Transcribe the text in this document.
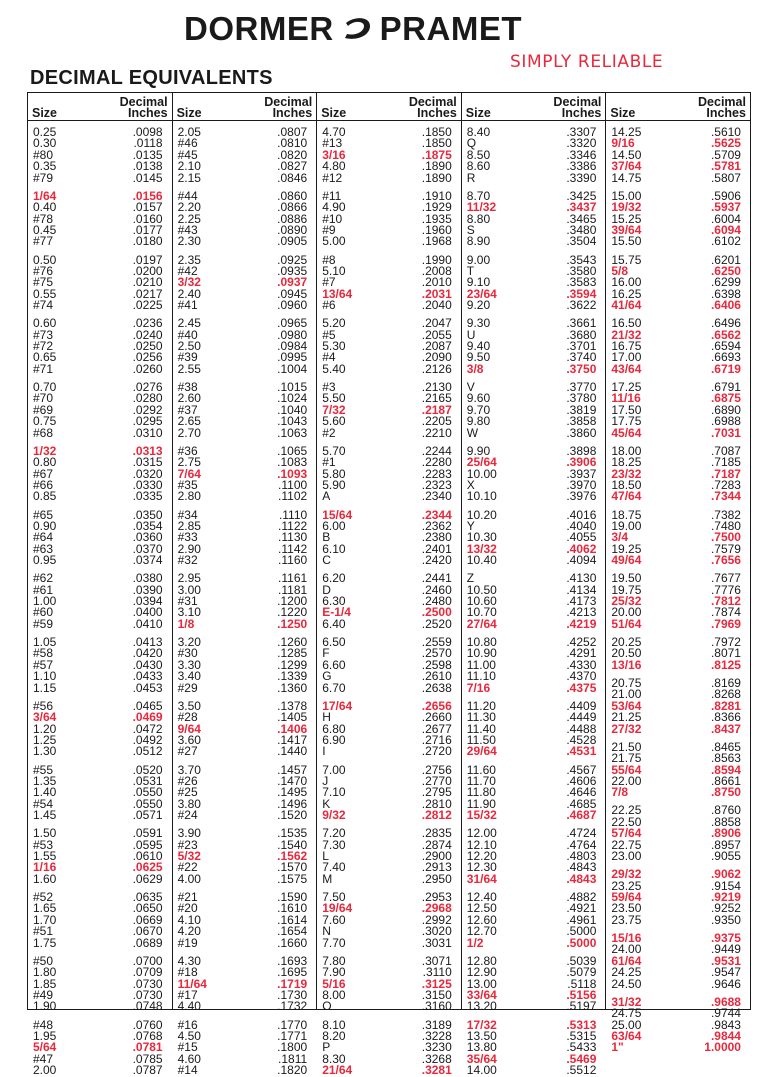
DORMER PRAMET
SIMPLY RELIABLE
DECIMAL EQUIVALENTS
Size
Decimal
Inches
0.25	.0098
0.30	.0118
#80	.0135
0.35	.0138
#79	.0145
1/64	.0156
0.40	.0157
#78	.0160
0.45	.0177
#77	.0180
0.50	.0197
#76	.0200
#75	.0210
0.55	.0217
#74	.0225
0.60	.0236
#73	.0240
#72	.0250
0.65	.0256
#71	.0260
0.70	.0276
#70	.0280
#69	.0292
0.75	.0295
#68	.0310
1/32	.0313
0.80	.0315
#67	.0320
#66	.0330
0.85	.0335
#65	.0350
0.90	.0354
#64	.0360
#63	.0370
0.95	.0374
#62	.0380
#61	.0390
1.00	.0394
#60	.0400
#59	.0410
1.05	.0413
#58	.0420
#57	.0430
1.10	.0433
1.15	.0453
#56	.0465
3/64	.0469
1.20	.0472
1.25	.0492
1.30	.0512
#55	.0520
1.35	.0531
1.40	.0550
#54	.0550
1.45	.0571
1.50	.0591
#53	.0595
1.55	.0610
1/16	.0625
1.60	.0629
#52	.0635
1.65	.0650
1.70	.0669
#51	.0670
1.75	.0689
#50	.0700
1.80	.0709
1.85	.0730
#49	.0730
1.90	.0748
#48	.0760
1.95	.0768
5/64	.0781
#47	.0785
2.00	.0787
Size
Decimal
Inches
2.05	.0807
#46	.0810
#45	.0820
2.10	.0827
2.15	.0846
#44	.0860
2.20	.0866
2.25	.0886
#43	.0890
2.30	.0905
2.35	.0925
#42	.0935
3/32	.0937
2.40	.0945
#41	.0960
2.45	.0965
#40	.0980
2.50	.0984
#39	.0995
2.55	.1004
#38	.1015
2.60	.1024
#37	.1040
2.65	.1043
2.70	.1063
#36	.1065
2.75	.1083
7/64	.1093
#35	.1100
2.80	.1102
#34	.1110
2.85	.1122
#33	.1130
2.90	.1142
#32	.1160
2.95	.1161
3.00	.1181
#31	.1200
3.10	.1220
1/8	.1250
3.20	.1260
#30	.1285
3.30	.1299
3.40	.1339
#29	.1360
3.50	.1378
#28	.1405
9/64	.1406
3.60	.1417
#27	.1440
3.70	.1457
#26	.1470
#25	.1495
3.80	.1496
#24	.1520
3.90	.1535
#23	.1540
5/32	.1562
#22	.1570
4.00	.1575
#21	.1590
#20	.1610
4.10	.1614
4.20	.1654
#19	.1660
4.30	.1693
#18	.1695
11/64	.1719
#17	.1730
4.40	.1732
#16	.1770
4.50	.1771
#15	.1800
4.60	.1811
#14	.1820
Size
Decimal
Inches
4.70	.1850
#13	.1850
3/16	.1875
4.80	.1890
#12	.1890
#11	.1910
4.90	.1929
#10	.1935
#9	.1960
5.00	.1968
#8	.1990
5.10	.2008
#7	.2010
13/64	.2031
#6	.2040
5.20	.2047
#5	.2055
5.30	.2087
#4	.2090
5.40	.2126
#3	.2130
5.50	.2165
7/32	.2187
5.60	.2205
#2	.2210
5.70	.2244
#1	.2280
5.80	.2283
5.90	.2323
A	.2340
15/64	.2344
6.00	.2362
B	.2380
6.10	.2401
C	.2420
6.20	.2441
D	.2460
6.30	.2480
E-1/4	.2500
6.40	.2520
6.50	.2559
F	.2570
6.60	.2598
G	.2610
6.70	.2638
17/64	.2656
H	.2660
6.80	.2677
6.90	.2716
I	.2720
7.00	.2756
J	.2770
7.10	.2795
K	.2810
9/32	.2812
7.20	.2835
7.30	.2874
L	.2900
7.40	.2913
M	.2950
7.50	.2953
19/64	.2968
7.60	.2992
N	.3020
7.70	.3031
7.80	.3071
7.90	.3110
5/16	.3125
8.00	.3150
O	.3160
8.10	.3189
8.20	.3228
P	.3230
8.30	.3268
21/64	.3281
Size
Decimal
Inches
8.40	.3307
Q	.3320
8.50	.3346
8.60	.3386
R	.3390
8.70	.3425
11/32	.3437
8.80	.3465
S	.3480
8.90	.3504
9.00	.3543
T	.3580
9.10	.3583
23/64	.3594
9.20	.3622
9.30	.3661
U	.3680
9.40	.3701
9.50	.3740
3/8	.3750
V	.3770
9.60	.3780
9.70	.3819
9.80	.3858
W	.3860
9.90	.3898
25/64	.3906
10.00	.3937
X	.3970
10.10	.3976
10.20	.4016
Y	.4040
10.30	.4055
13/32	.4062
10.40	.4094
Z	.4130
10.50	.4134
10.60	.4173
10.70	.4213
27/64	.4219
10.80	.4252
10.90	.4291
11.00	.4330
11.10	.4370
7/16	.4375
11.20	.4409
11.30	.4449
11.40	.4488
11.50	.4528
29/64	.4531
11.60	.4567
11.70	.4606
11.80	.4646
11.90	.4685
15/32	.4687
12.00	.4724
12.10	.4764
12.20	.4803
12.30	.4843
31/64	.4843
12.40	.4882
12.50	.4921
12.60	.4961
12.70	.5000
1/2	.5000
12.80	.5039
12.90	.5079
13.00	.5118
33/64	.5156
13.20	.5197
17/32	.5313
13.50	.5315
13.80	.5433
35/64	.5469
14.00	.5512
Size
Decimal
Inches
14.25	.5610
9/16	.5625
14.50	.5709
37/64	.5781
14.75	.5807
15.00	.5906
19/32	.5937
15.25	.6004
39/64	.6094
15.50	.6102
15.75	.6201
5/8	.6250
16.00	.6299
16.25	.6398
41/64	.6406
16.50	.6496
21/32	.6562
16.75	.6594
17.00	.6693
43/64	.6719
17.25	.6791
11/16	.6875
17.50	.6890
17.75	.6988
45/64	.7031
18.00	.7087
18.25	.7185
23/32	.7187
18.50	.7283
47/64	.7344
18.75	.7382
19.00	.7480
3/4	.7500
19.25	.7579
49/64	.7656
19.50	.7677
19.75	.7776
25/32	.7812
20.00	.7874
51/64	.7969
20.25	.7972
20.50	.8071
13/16	.8125
20.75	.8169
21.00	.8268
53/64	.8281
21.25	.8366
27/32	.8437
21.50	.8465
21.75	.8563
55/64	.8594
22.00	.8661
7/8	.8750
22.25	.8760
22.50	.8858
57/64	.8906
22.75	.8957
23.00	.9055
29/32	.9062
23.25	.9154
59/64	.9219
23.50	.9252
23.75	.9350
15/16	.9375
24.00	.9449
61/64	.9531
24.25	.9547
24.50	.9646
31/32	.9688
24.75	.9744
25.00	.9843
63/64	.9844
1"	1.0000
